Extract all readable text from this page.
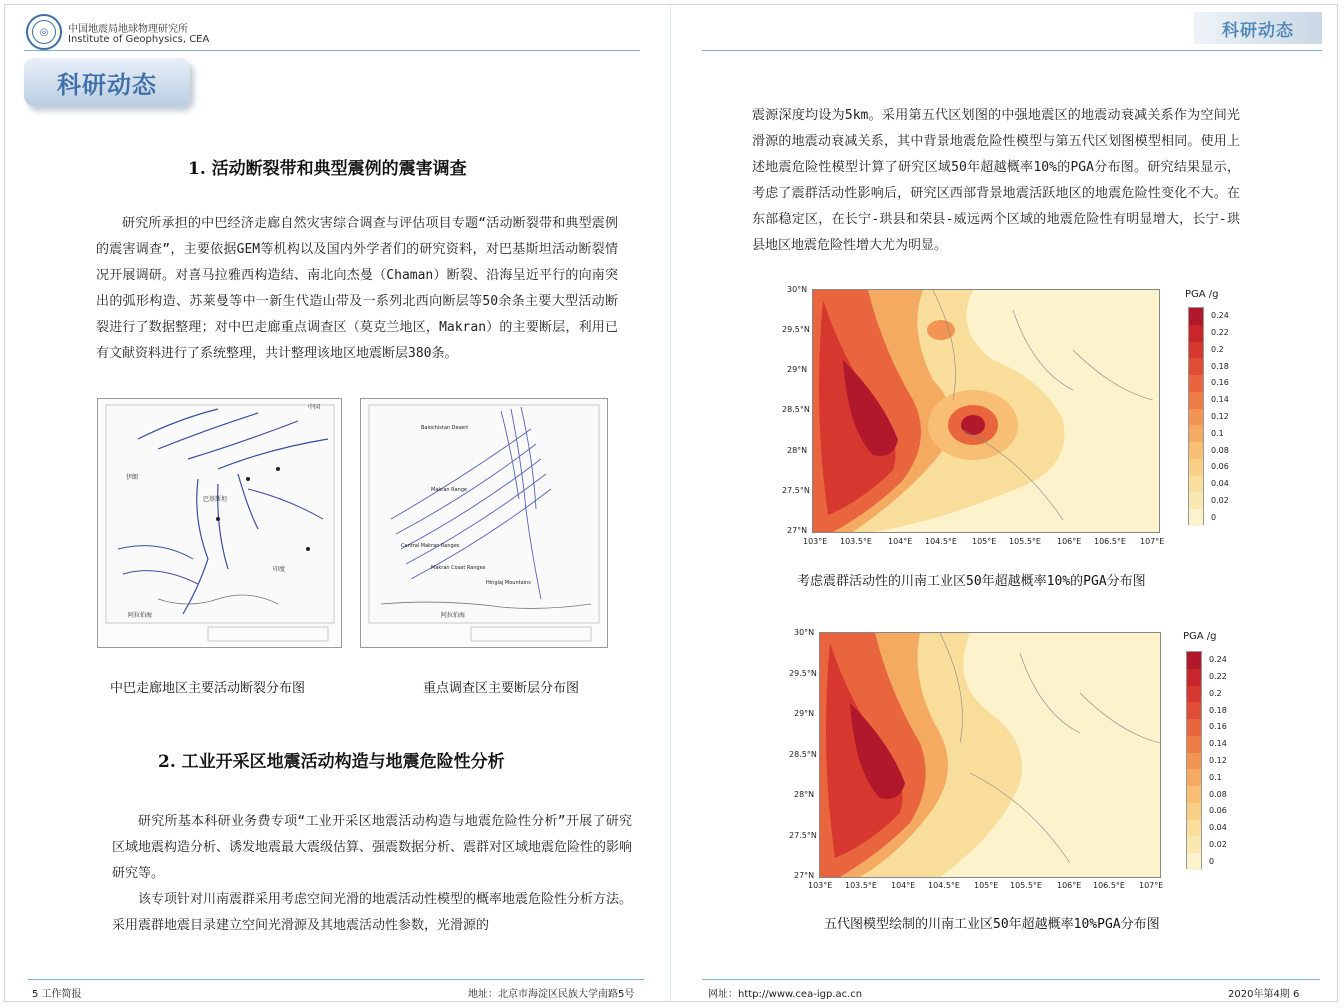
◎	中国地震局地球物理研究所
Institute of Geophysics, CEA
科研动态
科研动态
1. 活动断裂带和典型震例的震害调查

研究所承担的中巴经济走廊自然灾害综合调查与评估项目专题“活动断裂带和典型震例的震害调查”，主要依据GEM等机构以及国内外学者们的研究资料，对巴基斯坦活动断裂情况开展调研。对喜马拉雅西构造结、南北向杰曼（Chaman）断裂、沿海呈近平行的向南突出的弧形构造、苏莱曼等中一新生代造山带及一系列北西向断层等50余条主要大型活动断裂进行了数据整理；对中巴走廊重点调查区（莫克兰地区，Makran）的主要断层，利用已有文献资料进行了系统整理，共计整理该地区地震断层380条。

中国
伊朗
巴基斯坦
印度
阿拉伯海
Balochistan Desert
Makran Range
Central Makran Ranges
Makran Coast Ranges
Hinglaj Mountains
阿拉伯海
中巴走廊地区主要活动断裂分布图	重点调查区主要断层分布图
2. 工业开采区地震活动构造与地震危险性分析

研究所基本科研业务费专项“工业开采区地震活动构造与地震危险性分析”开展了研究区域地震构造分析、诱发地震最大震级估算、强震数据分析、震群对区域地震危险性的影响研究等。

该专项针对川南震群采用考虑空间光滑的地震活动性模型的概率地震危险性分析方法。采用震群地震目录建立空间光滑源及其地震活动性参数，光滑源的

震源深度均设为5km。采用第五代区划图的中强地震区的地震动衰减关系作为空间光滑源的地震动衰减关系，其中背景地震危险性模型与第五代区划图模型相同。使用上述地震危险性模型计算了研究区域50年超越概率10%的PGA分布图。研究结果显示，考虑了震群活动性影响后，研究区西部背景地震活跃地区的地震危险性变化不大。在东部稳定区，在长宁-珙县和荣县-威远两个区域的地震危险性有明显增大，长宁-珙县地区地震危险性增大尤为明显。

30°N
29.5°N
29°N
28.5°N
28°N
27.5°N
27°N
103°E 103.5°E 104°E 104.5°E 105°E 105.5°E 106°E 106.5°E 107°E
PGA /g
0.24
0.22
0.2
0.18
0.16
0.14
0.12
0.1
0.08
0.06
0.04
0.02
0
考虑震群活动性的川南工业区50年超越概率10%的PGA分布图
30°N
29.5°N
29°N
28.5°N
28°N
27.5°N
27°N
103°E 103.5°E 104°E 104.5°E 105°E 105.5°E 106°E 106.5°E 107°E
PGA /g
0.24
0.22
0.2
0.18
0.16
0.14
0.12
0.1
0.08
0.06
0.04
0.02
0
五代图模型绘制的川南工业区50年超越概率10%PGA分布图
5 工作简报	地址：北京市海淀区民族大学南路5号	网址：http://www.cea-igp.ac.cn	2020年第4期 6
